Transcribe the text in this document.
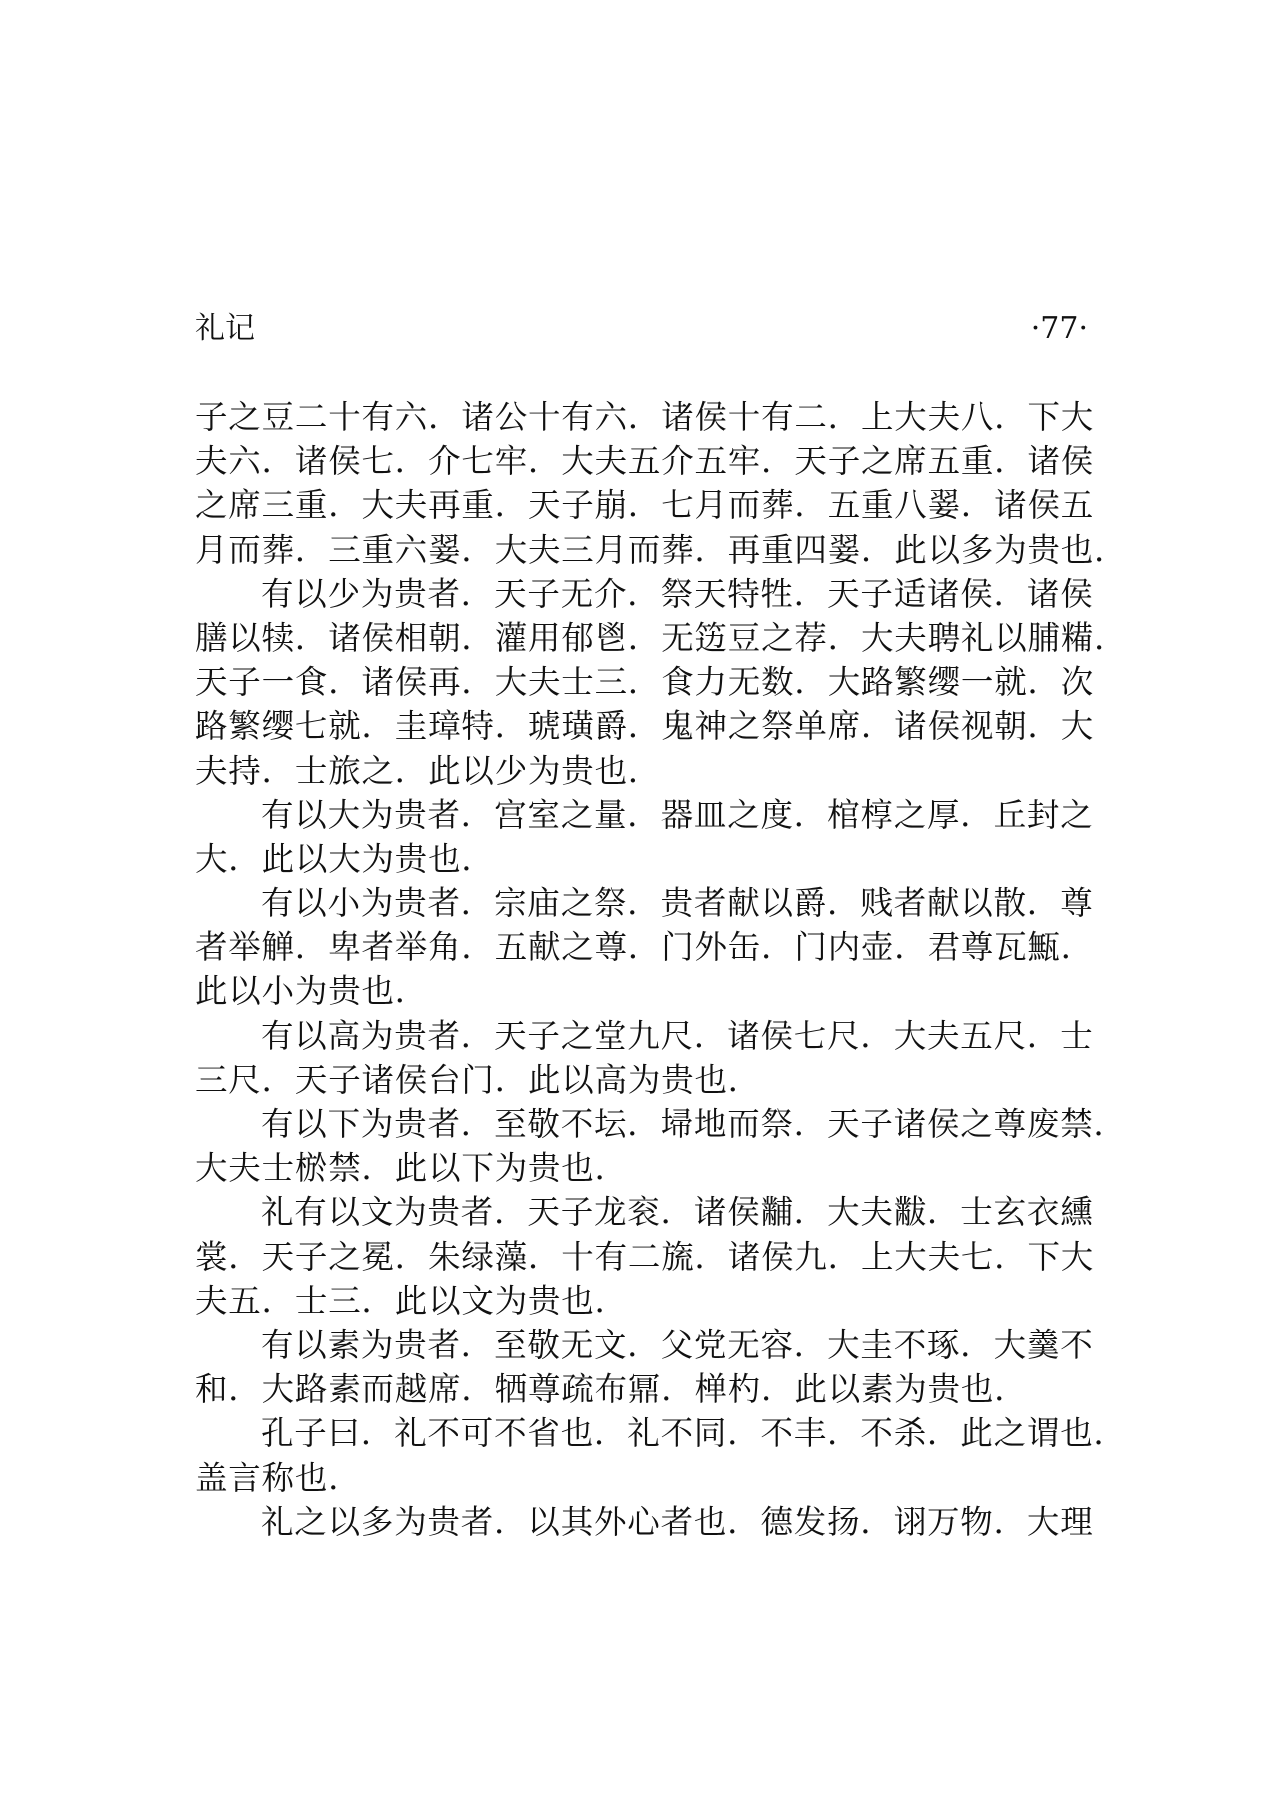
礼记	·77·
子之豆二十有六．诸公十有六．诸侯十有二．上大夫八．下大
夫六．诸侯七．介七牢．大夫五介五牢．天子之席五重．诸侯
之席三重．大夫再重．天子崩．七月而葬．五重八翣．诸侯五
月而葬．三重六翣．大夫三月而葬．再重四翣．此以多为贵也．
有以少为贵者．天子无介．祭天特牲．天子适诸侯．诸侯
膳以犊．诸侯相朝．灌用郁鬯．无笾豆之荐．大夫聘礼以脯糒．
天子一食．诸侯再．大夫士三．食力无数．大路繁缨一就．次
路繁缨七就．圭璋特．琥璜爵．鬼神之祭单席．诸侯视朝．大
夫持．士旅之．此以少为贵也．
有以大为贵者．宫室之量．器皿之度．棺椁之厚．丘封之
大．此以大为贵也．
有以小为贵者．宗庙之祭．贵者献以爵．贱者献以散．尊
者举觯．卑者举角．五献之尊．门外缶．门内壶．君尊瓦甒．
此以小为贵也．
有以高为贵者．天子之堂九尺．诸侯七尺．大夫五尺．士
三尺．天子诸侯台门．此以高为贵也．
有以下为贵者．至敬不坛．埽地而祭．天子诸侯之尊废禁．
大夫士棜禁．此以下为贵也．
礼有以文为贵者．天子龙衮．诸侯黼．大夫黻．士玄衣纁
裳．天子之冕．朱绿藻．十有二旒．诸侯九．上大夫七．下大
夫五．士三．此以文为贵也．
有以素为贵者．至敬无文．父党无容．大圭不琢．大羹不
和．大路素而越席．牺尊疏布鼏．椫杓．此以素为贵也．
孔子曰．礼不可不省也．礼不同．不丰．不杀．此之谓也．
盖言称也．
礼之以多为贵者．以其外心者也．德发扬．诩万物．大理
